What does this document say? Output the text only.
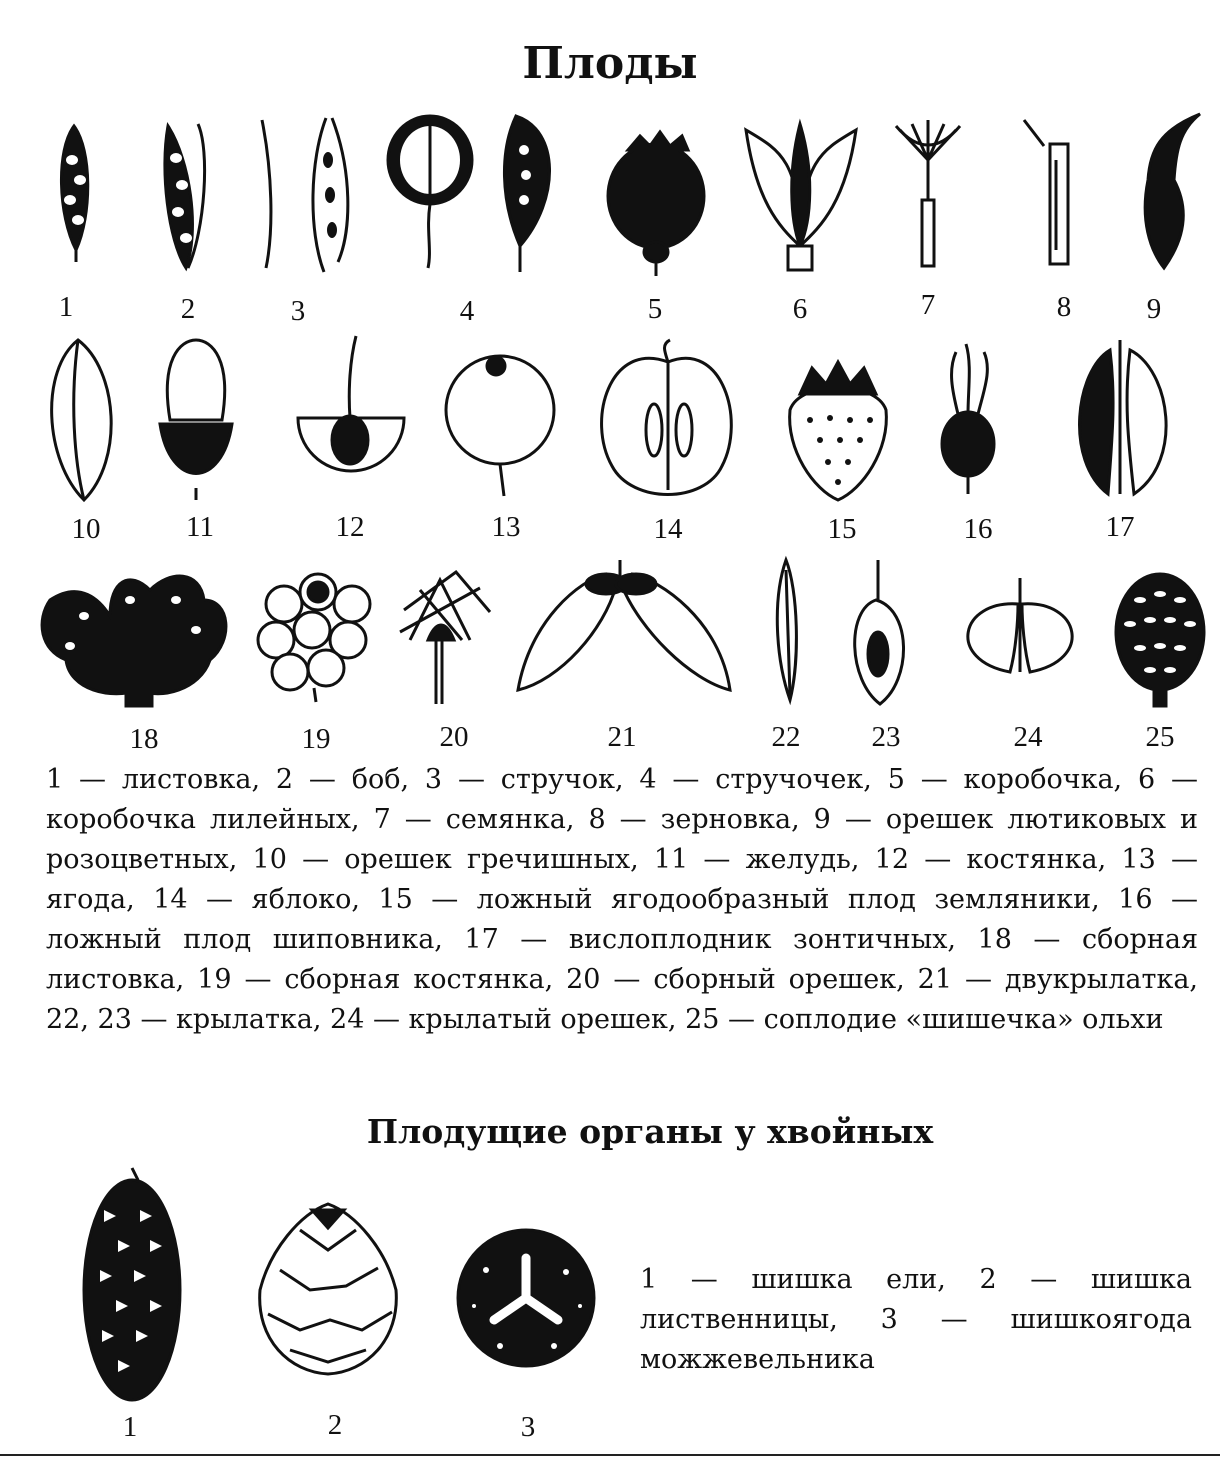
Плоды
1	2	3	4	5	6	7	8	9
10	11	12	13	14	15	16	17
18	19	20	21	22 23	24	25
1	2	3

1 — листовка, 2 — боб, 3 — стручок, 4 — стручочек, 5 — коробочка, 6 — коробочка лилейных, 7 — семянка, 8 — зерновка, 9 — орешек лютиковых и розоцветных, 10 — орешек гречишных, 11 — желудь, 12 — костянка, 13 — ягода, 14 — яблоко, 15 — ложный ягодообразный плод земляники, 16 — ложный плод шиповника, 17 — вислоплодник зонтичных, 18 — сборная листовка, 19 — сборная костянка, 20 — сборный орешек, 21 — двукрылатка, 22, 23 — крылатка, 24 — крылатый орешек, 25 — соплодие «шишечка» ольхи

Плодущие органы у хвойных

1 — шишка ели, 2 — шишка лиственницы, 3 — шишкоягода можжевельника
